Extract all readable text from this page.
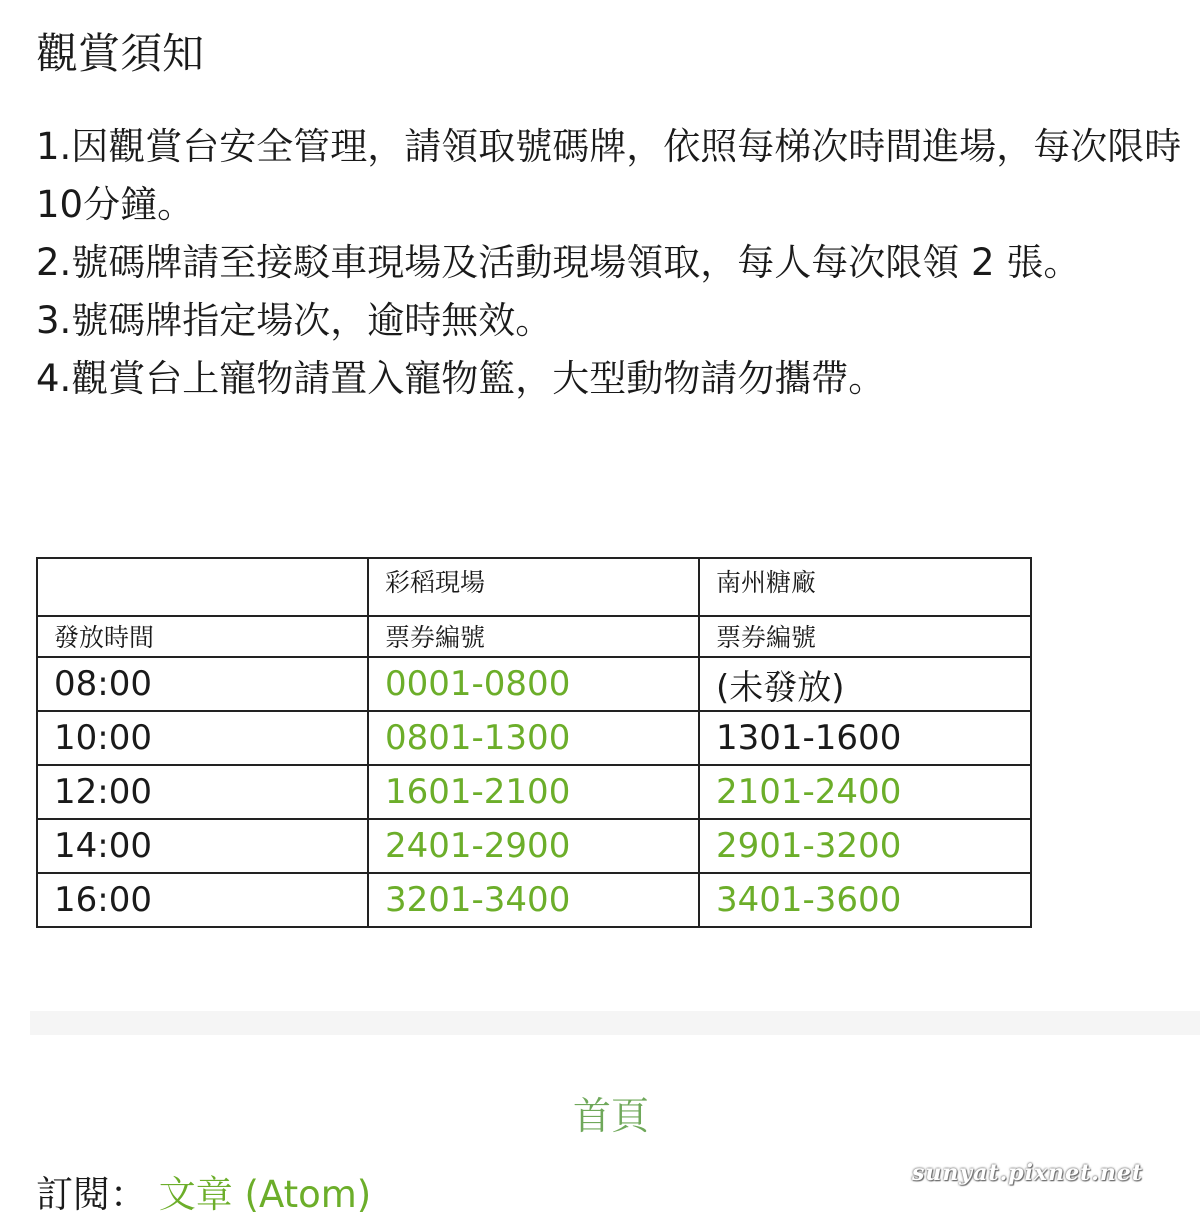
觀賞須知

1.因觀賞台安全管理，請領取號碼牌，依照每梯次時間進場，每次限時10分鐘。

2.號碼牌請至接駁車現場及活動現場領取，每人每次限領 2 張。

3.號碼牌指定場次，逾時無效。

4.觀賞台上寵物請置入寵物籃，大型動物請勿攜帶。

	彩稻現場	南州糖廠
發放時間	票券編號	票券編號
08:00	0001-0800	(未發放)
10:00	0801-1300	1301-1600
12:00	1601-2100	2101-2400
14:00	2401-2900	2901-3200
16:00	3201-3400	3401-3600
首頁
訂閱： 文章 (Atom)	sunyat.pixnet.net
